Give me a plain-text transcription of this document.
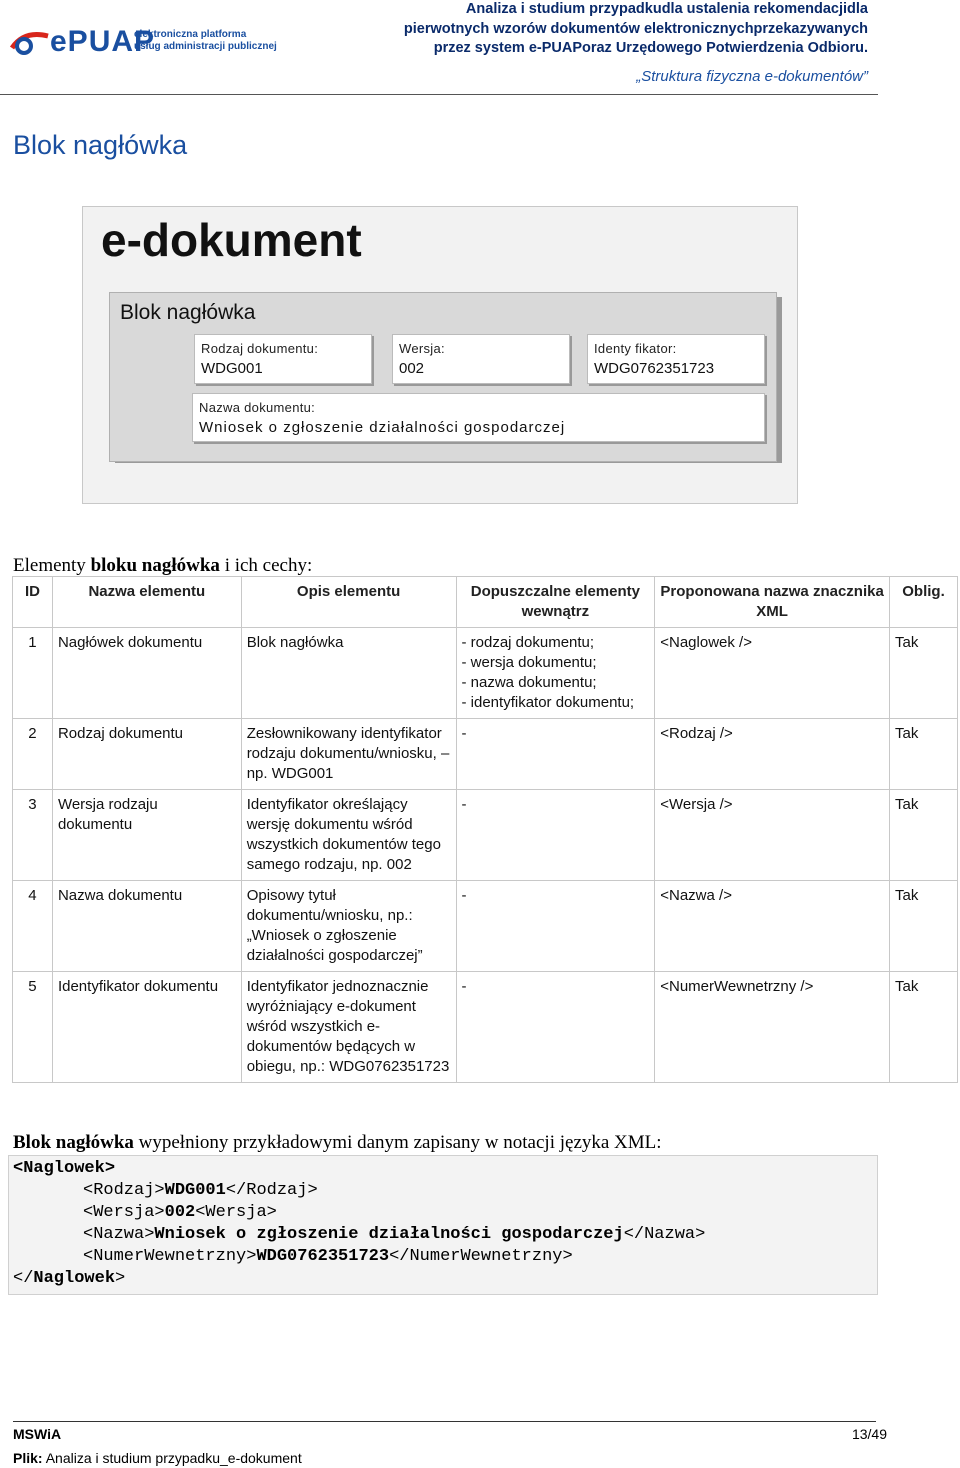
ePUAP
elektroniczna platforma
usług administracji publicznej
Analiza i studium przypadkudla ustalenia rekomendacjidla
pierwotnych wzorów dokumentów elektronicznychprzekazywanych
przez system e-PUAPoraz Urzędowego Potwierdzenia Odbioru.
„Struktura fizyczna e-dokumentów”
Blok nagłówka
e-dokument
Blok nagłówka
Rodzaj dokumentu:
WDG001
Wersja:
002
Identy fikator:
WDG0762351723
Nazwa dokumentu:
Wniosek o zgłoszenie działalności gospodarczej
Elementy bloku nagłówka i ich cechy:
ID	Nazwa elementu	Opis elementu	Dopuszczalne elementy wewnątrz	Proponowana nazwa znacznika XML	Oblig.
1	Nagłówek dokumentu	Blok nagłówka	- rodzaj dokumentu;
- wersja dokumentu;
- nazwa dokumentu;
- identyfikator dokumentu;	<Naglowek />	Tak
2	Rodzaj dokumentu	Zesłownikowany identyfikator rodzaju dokumentu/wniosku, – np. WDG001	-	<Rodzaj />	Tak
3	Wersja rodzaju dokumentu	Identyfikator określający wersję dokumentu wśród wszystkich dokumentów tego samego rodzaju, np. 002	-	<Wersja />	Tak
4	Nazwa dokumentu	Opisowy tytuł dokumentu/wniosku, np.: „Wniosek o zgłoszenie działalności gospodarczej”	-	<Nazwa />	Tak
5	Identyfikator dokumentu	Identyfikator jednoznacznie wyróżniający e-dokument wśród wszystkich e-dokumentów będących w obiegu, np.: WDG0762351723	-	<NumerWewnetrzny />	Tak
Blok nagłówka wypełniony przykładowymi danym zapisany w notacji języka XML:
<Naglowek>
<Rodzaj>WDG001</Rodzaj>
<Wersja>002<Wersja>
<Nazwa>Wniosek o zgłoszenie działalności gospodarczej</Nazwa>
<NumerWewnetrzny>WDG0762351723</NumerWewnetrzny>
</Naglowek>
MSWiA	13/49
Plik: Analiza i studium przypadku_e-dokument
